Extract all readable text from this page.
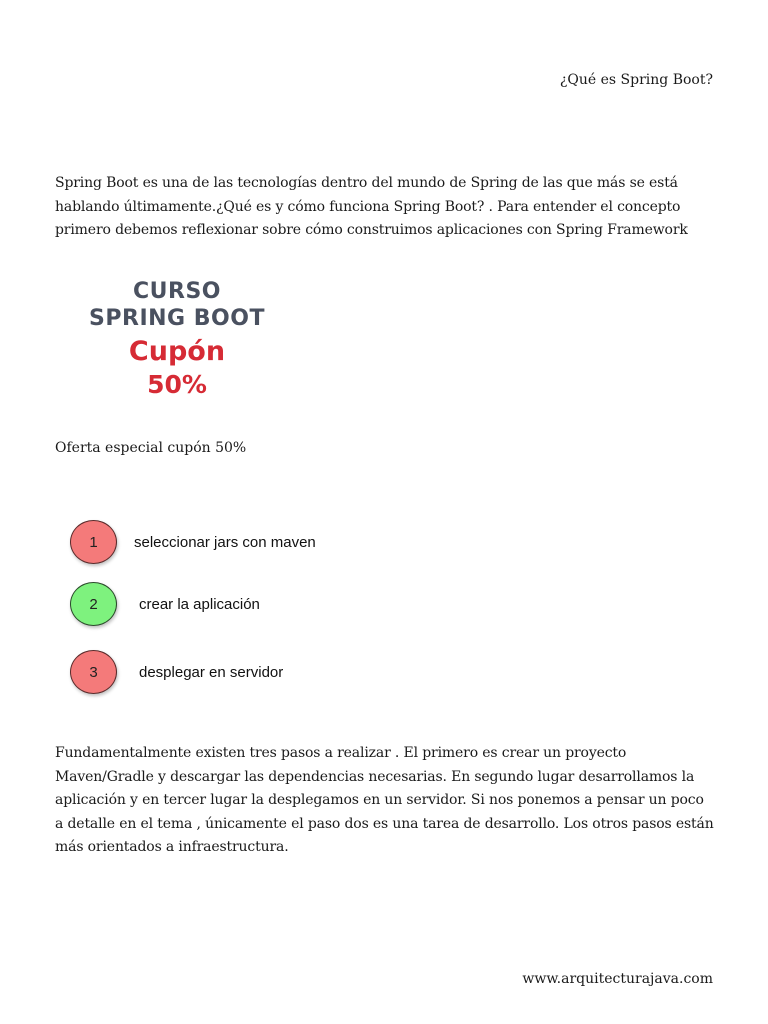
¿Qué es Spring Boot?

Spring Boot es una de las tecnologías dentro del mundo de Spring de las que más se está hablando últimamente.¿Qué es y cómo funciona Spring Boot? . Para entender el concepto primero debemos reflexionar sobre cómo construimos aplicaciones con Spring Framework

CURSO
SPRING BOOT
Cupón
50%
Oferta especial cupón 50%
1 seleccionar jars con maven
2	crear la aplicación
3	desplegar en servidor

Fundamentalmente existen tres pasos a realizar . El primero es crear un proyecto Maven/Gradle y descargar las dependencias necesarias. En segundo lugar desarrollamos la aplicación y en tercer lugar la desplegamos en un servidor. Si nos ponemos a pensar un poco a detalle en el tema , únicamente el paso dos es una tarea de desarrollo. Los otros pasos están más orientados a infraestructura.

www.arquitecturajava.com
